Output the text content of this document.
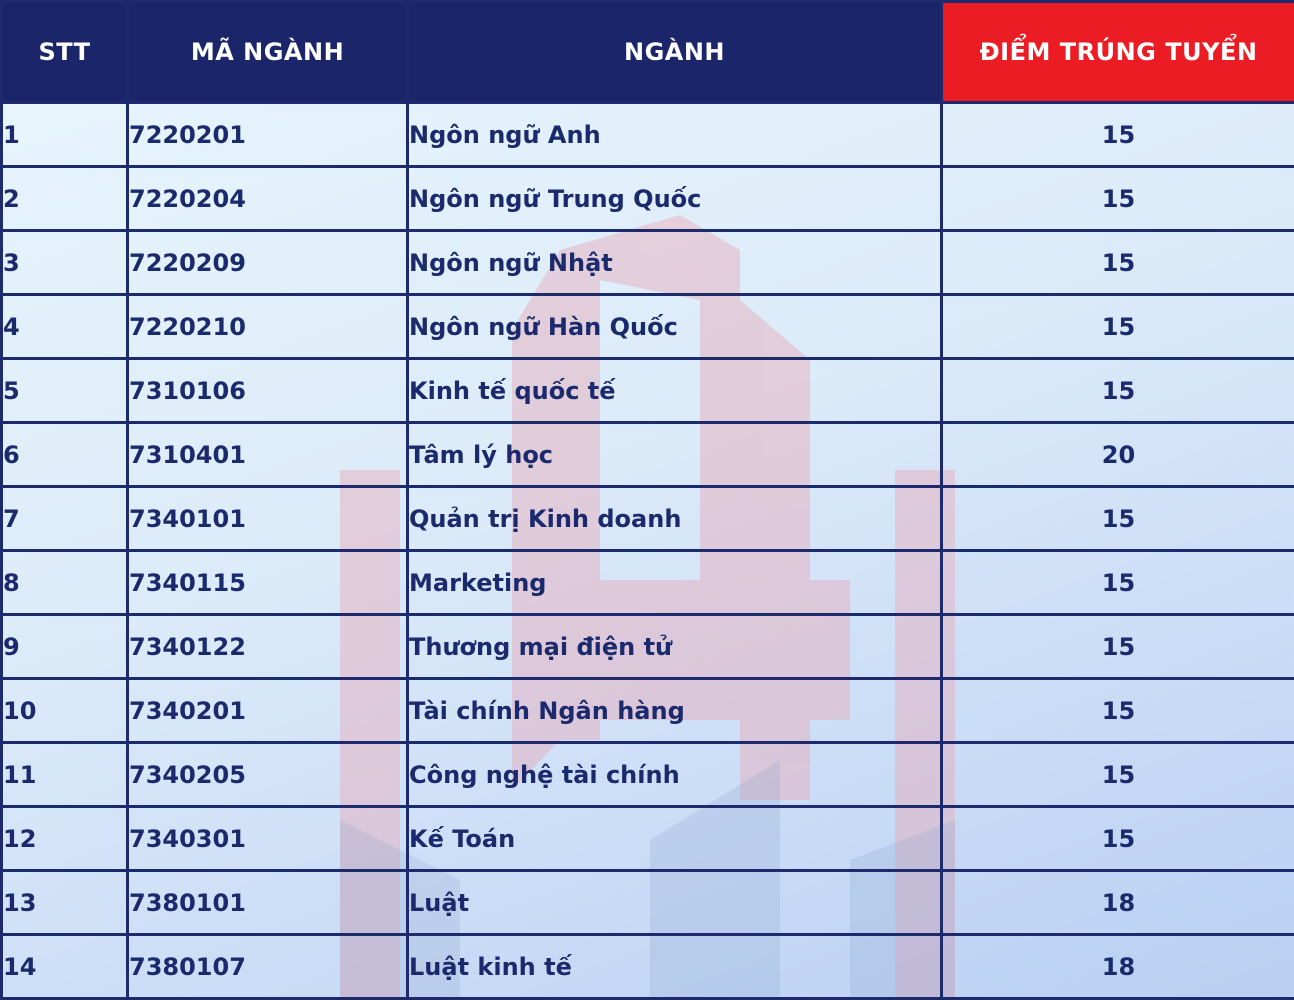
STT	MÃ NGÀNH	NGÀNH	ĐIỂM TRÚNG TUYỂN
1	7220201	Ngôn ngữ Anh	15
2	7220204	Ngôn ngữ Trung Quốc	15
3	7220209	Ngôn ngữ Nhật	15
4	7220210	Ngôn ngữ Hàn Quốc	15
5	7310106	Kinh tế quốc tế	15
6	7310401	Tâm lý học	20
7	7340101	Quản trị Kinh doanh	15
8	7340115	Marketing	15
9	7340122	Thương mại điện tử	15
10	7340201	Tài chính Ngân hàng	15
11	7340205	Công nghệ tài chính	15
12	7340301	Kế Toán	15
13	7380101	Luật	18
14	7380107	Luật kinh tế	18
